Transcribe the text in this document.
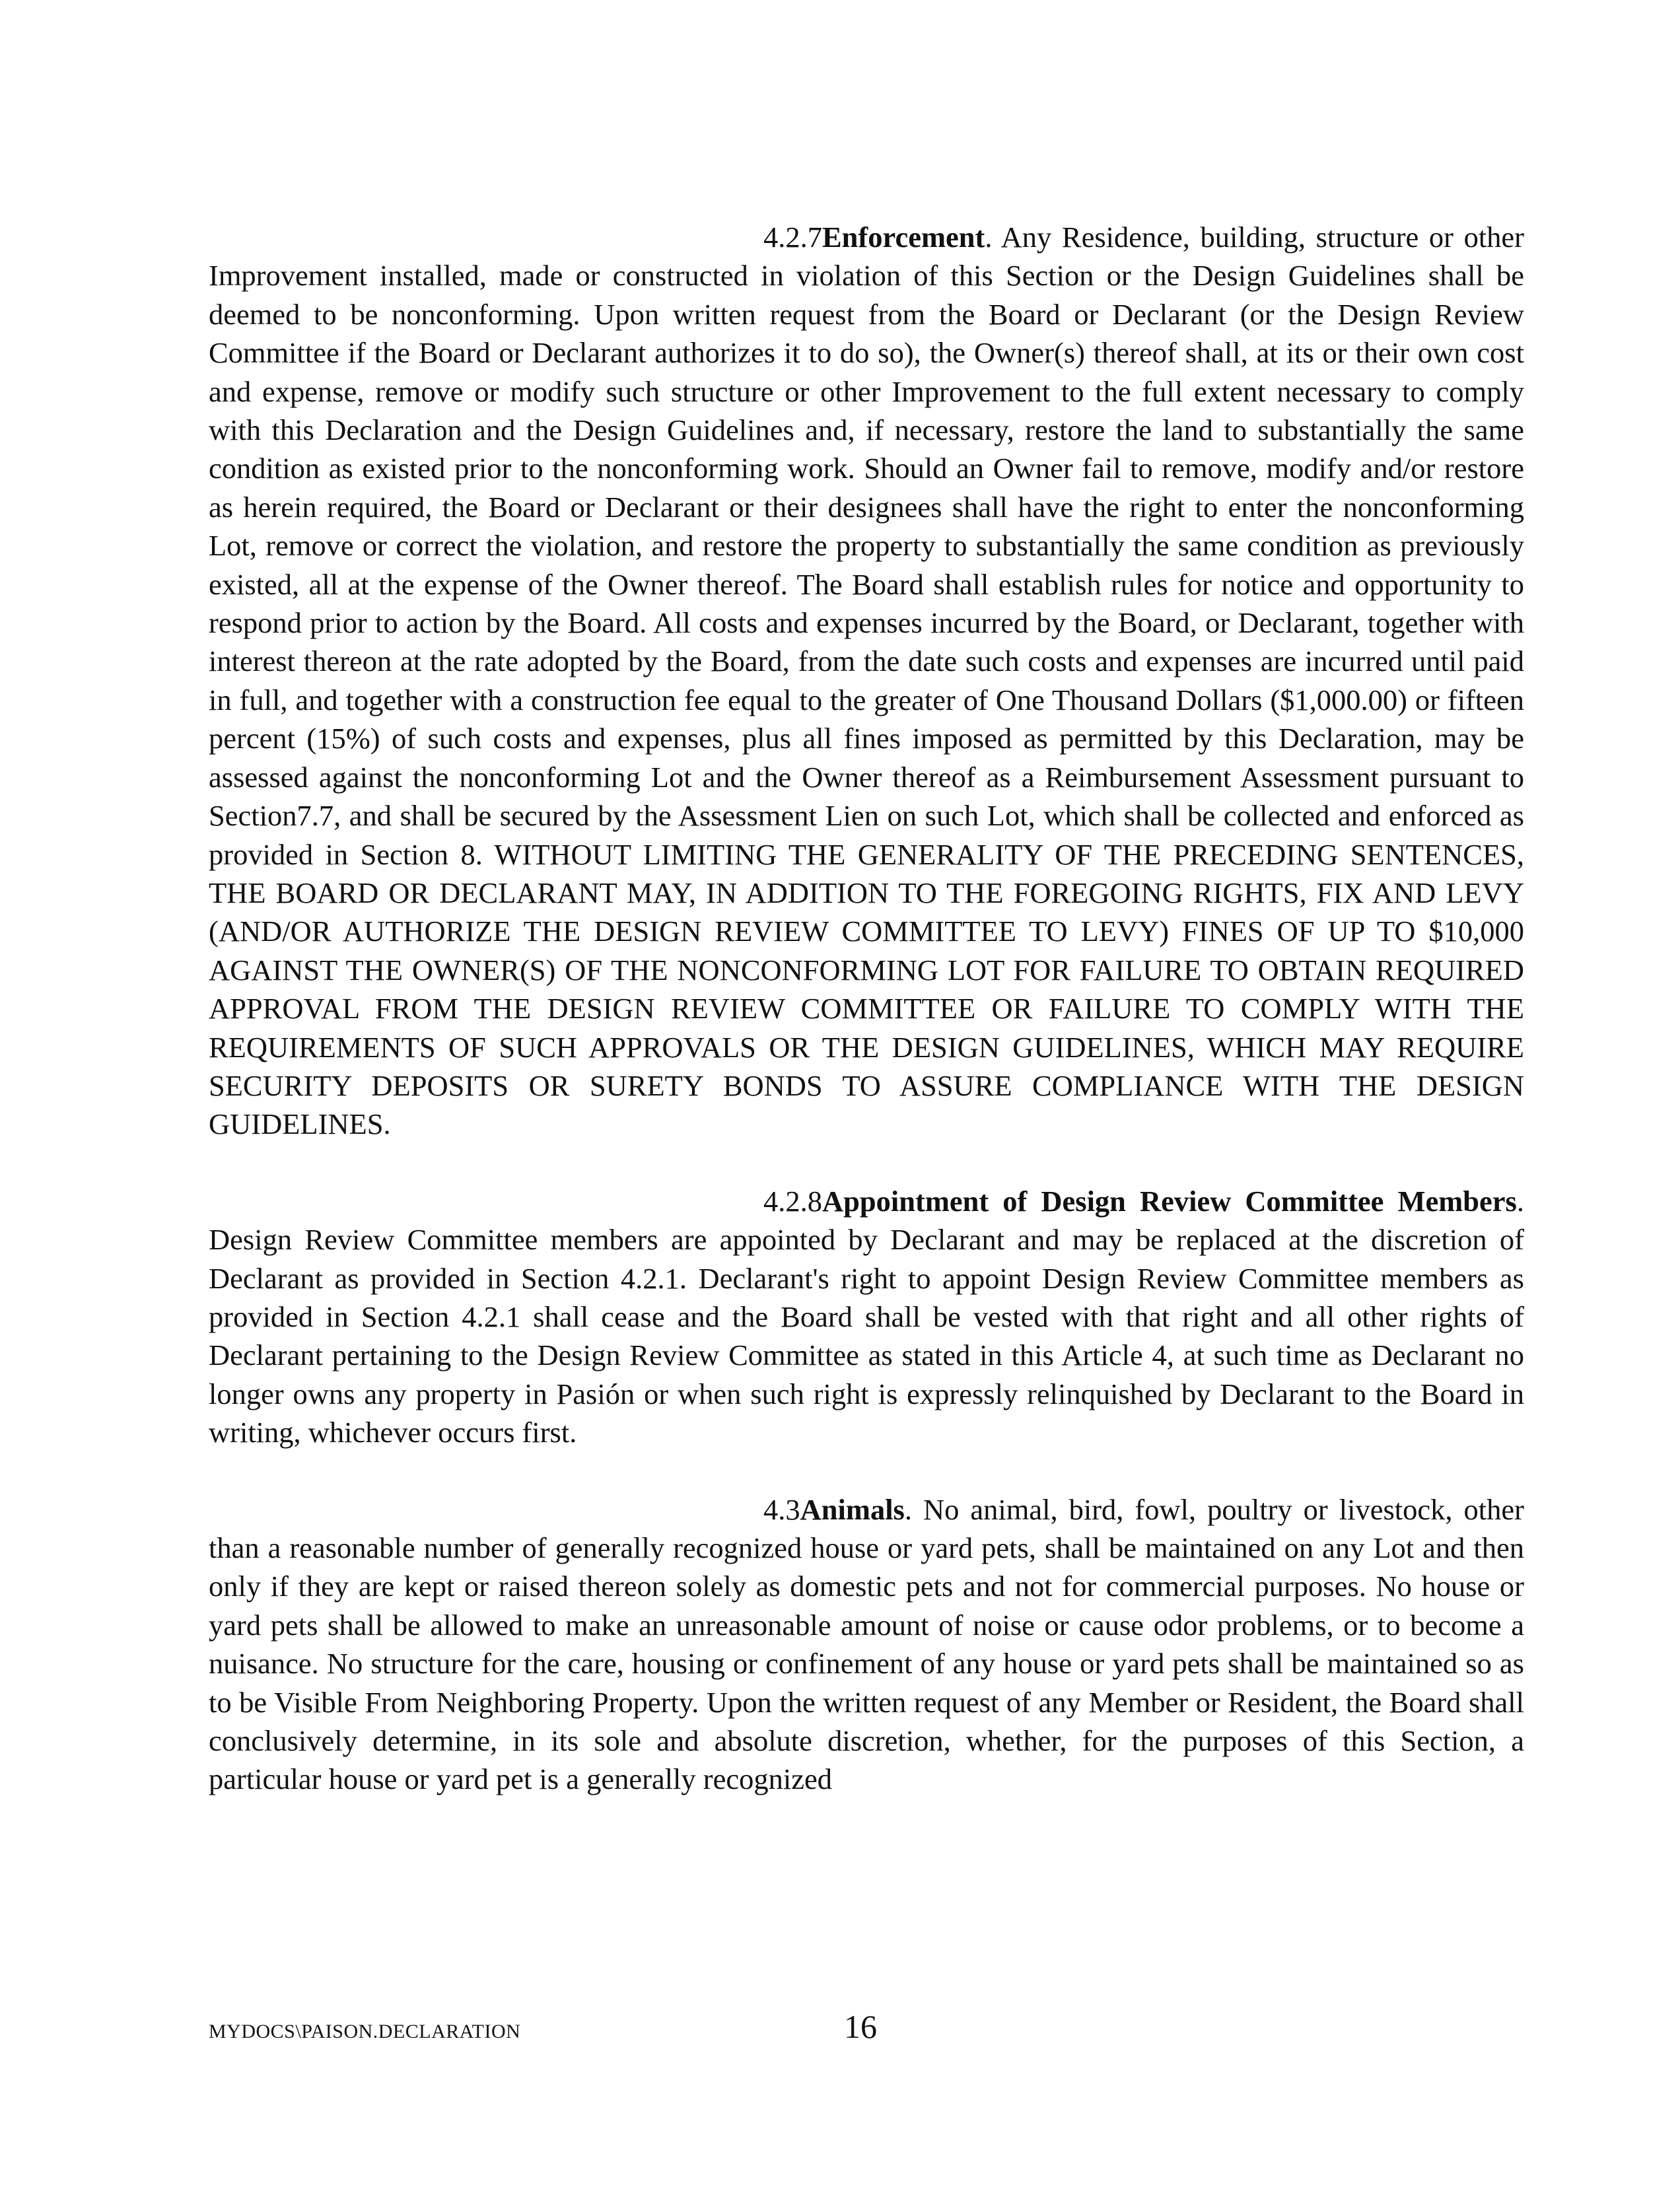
4.2.7Enforcement. Any Residence, building, structure or other Improvement installed, made or constructed in violation of this Section or the Design Guidelines shall be deemed to be nonconforming. Upon written request from the Board or Declarant (or the Design Review Committee if the Board or Declarant authorizes it to do so), the Owner(s) thereof shall, at its or their own cost and expense, remove or modify such structure or other Improvement to the full extent necessary to comply with this Declaration and the Design Guidelines and, if necessary, restore the land to substantially the same condition as existed prior to the nonconforming work. Should an Owner fail to remove, modify and/or restore as herein required, the Board or Declarant or their designees shall have the right to enter the nonconforming Lot, remove or correct the violation, and restore the property to substantially the same condition as previously existed, all at the expense of the Owner thereof. The Board shall establish rules for notice and opportunity to respond prior to action by the Board. All costs and expenses incurred by the Board, or Declarant, together with interest thereon at the rate adopted by the Board, from the date such costs and expenses are incurred until paid in full, and together with a construction fee equal to the greater of One Thousand Dollars ($1,000.00) or fifteen percent (15%) of such costs and expenses, plus all fines imposed as permitted by this Declaration, may be assessed against the nonconforming Lot and the Owner thereof as a Reimbursement Assessment pursuant to Section7.7, and shall be secured by the Assessment Lien on such Lot, which shall be collected and enforced as provided in Section 8. WITHOUT LIMITING THE GENERALITY OF THE PRECEDING SENTENCES, THE BOARD OR DECLARANT MAY, IN ADDITION TO THE FOREGOING RIGHTS, FIX AND LEVY (AND/OR AUTHORIZE THE DESIGN REVIEW COMMITTEE TO LEVY) FINES OF UP TO $10,000 AGAINST THE OWNER(S) OF THE NONCONFORMING LOT FOR FAILURE TO OBTAIN REQUIRED APPROVAL FROM THE DESIGN REVIEW COMMITTEE OR FAILURE TO COMPLY WITH THE REQUIREMENTS OF SUCH APPROVALS OR THE DESIGN GUIDELINES, WHICH MAY REQUIRE SECURITY DEPOSITS OR SURETY BONDS TO ASSURE COMPLIANCE WITH THE DESIGN GUIDELINES.

4.2.8Appointment of Design Review Committee Members. Design Review Committee members are appointed by Declarant and may be replaced at the discretion of Declarant as provided in Section 4.2.1. Declarant's right to appoint Design Review Committee members as provided in Section 4.2.1 shall cease and the Board shall be vested with that right and all other rights of Declarant pertaining to the Design Review Committee as stated in this Article 4, at such time as Declarant no longer owns any property in Pasión or when such right is expressly relinquished by Declarant to the Board in writing, whichever occurs first.

4.3Animals. No animal, bird, fowl, poultry or livestock, other than a reasonable number of generally recognized house or yard pets, shall be maintained on any Lot and then only if they are kept or raised thereon solely as domestic pets and not for commercial purposes. No house or yard pets shall be allowed to make an unreasonable amount of noise or cause odor problems, or to become a nuisance. No structure for the care, housing or confinement of any house or yard pets shall be maintained so as to be Visible From Neighboring Property. Upon the written request of any Member or Resident, the Board shall conclusively determine, in its sole and absolute discretion, whether, for the purposes of this Section, a particular house or yard pet is a generally recognized

MYDOCS\PAISON.DECLARATION	16
